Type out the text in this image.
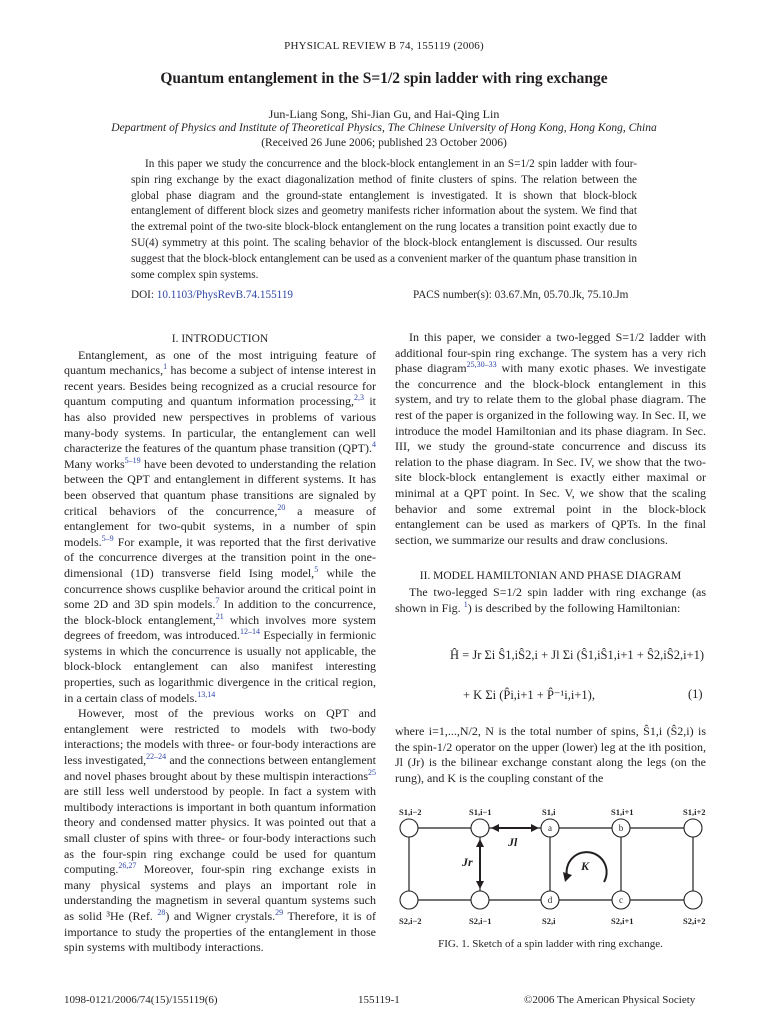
PHYSICAL REVIEW B 74, 155119 (2006)
Quantum entanglement in the S=1/2 spin ladder with ring exchange
Jun-Liang Song, Shi-Jian Gu, and Hai-Qing Lin
Department of Physics and Institute of Theoretical Physics, The Chinese University of Hong Kong, Hong Kong, China
(Received 26 June 2006; published 23 October 2006)
In this paper we study the concurrence and the block-block entanglement in an S=1/2 spin ladder with four-spin ring exchange by the exact diagonalization method of finite clusters of spins. The relation between the global phase diagram and the ground-state entanglement is investigated. It is shown that block-block entanglement of different block sizes and geometry manifests richer information about the system. We find that the extremal point of the two-site block-block entanglement on the rung locates a transition point exactly due to SU(4) symmetry at this point. The scaling behavior of the block-block entanglement is discussed. Our results suggest that the block-block entanglement can be used as a convenient marker of the quantum phase transition in some complex spin systems.
DOI: 10.1103/PhysRevB.74.155119	PACS number(s): 03.67.Mn, 05.70.Jk, 75.10.Jm

I. INTRODUCTION

Entanglement, as one of the most intriguing feature of quantum mechanics,$^1$ has become a subject of intense interest in recent years. Besides being recognized as a crucial resource for quantum computing and quantum information processing,$^{2,3}$ it has also provided new perspectives in problems of various many-body systems. In particular, the entanglement can well characterize the features of the quantum phase transition (QPT).$^4$ Many works$^{5-19}$ have been devoted to understanding the relation between the QPT and entanglement in different systems. It has been observed that quantum phase transitions are signaled by critical behaviors of the concurrence,$^{20}$ a measure of entanglement for two-qubit systems, in a number of spin models.$^{5-9}$ For example, it was reported that the first derivative of the concurrence diverges at the transition point in the one-dimensional (1D) transverse field Ising model,$^5$ while the concurrence shows cusplike behavior around the critical point in some 2D and 3D spin models.$^7$ In addition to the concurrence, the block-block entanglement,$^{21}$ which involves more system degrees of freedom, was introduced.$^{12-14}$ Especially in fermionic systems in which the concurrence is usually not applicable, the block-block entanglement can also manifest interesting properties, such as logarithmic divergence in the critical region, in a certain class of models.$^{13,14}$

However, most of the previous works on QPT and entanglement were restricted to models with two-body interactions; the models with three- or four-body interactions are less investigated,$^{22-24}$ and the connections between entanglement and novel phases brought about by these multispin interactions$^{25}$ are still less well understood by people. In fact a system with multibody interactions is important in both quantum information theory and condensed matter physics. It was pointed out that a small cluster of spins with three- or four-body interactions such as the four-spin ring exchange could be used for quantum computing.$^{26,27}$ Moreover, four-spin ring exchange exists in many physical systems and plays an important role in understanding the magnetism in several quantum systems such as solid ³He (Ref. $^{28}$) and Wigner crystals.$^{29}$ Therefore, it is of importance to study the properties of the entanglement in those spin systems with multibody interactions.

In this paper, we consider a two-legged S=1/2 ladder with additional four-spin ring exchange. The system has a very rich phase diagram$^{25,30-33}$ with many exotic phases. We investigate the concurrence and the block-block entanglement in this system, and try to relate them to the global phase diagram. The rest of the paper is organized in the following way. In Sec. II, we introduce the model Hamiltonian and its phase diagram. In Sec. III, we study the ground-state concurrence and discuss its relation to the phase diagram. In Sec. IV, we show that the two-site block-block entanglement is exactly either maximal or minimal at a QPT point. In Sec. V, we show that the scaling behavior and some extremal point in the block-block entanglement can be used as markers of QPTs. In the final section, we summarize our results and draw conclusions.

II. MODEL HAMILTONIAN AND PHASE DIAGRAM

The two-legged S=1/2 spin ladder with ring exchange (as shown in Fig. $^1$) is described by the following Hamiltonian:

Ĥ = Jr Σi Ŝ1,iŜ2,i + Jl Σi (Ŝ1,iŜ1,i+1 + Ŝ2,iŜ2,i+1)
+ K Σi (P̂i,i+1 + P̂⁻¹i,i+1),	(1)

where i=1,...,N/2, N is the total number of spins, Ŝ1,i (Ŝ2,i) is the spin-1/2 operator on the upper (lower) leg at the ith position, Jl (Jr) is the bilinear exchange constant along the legs (on the rung), and K is the coupling constant of the

a	b
c
d
S1,i−2	S1,i−1	S1,i	S1,i+1	S1,i+2
S2,i−2	S2,i−1	S2,i	S2,i+1	S2,i+2
Jl
Jr	K
FIG. 1. Sketch of a spin ladder with ring exchange.
1098-0121/2006/74(15)/155119(6)	155119-1	©2006 The American Physical Society
